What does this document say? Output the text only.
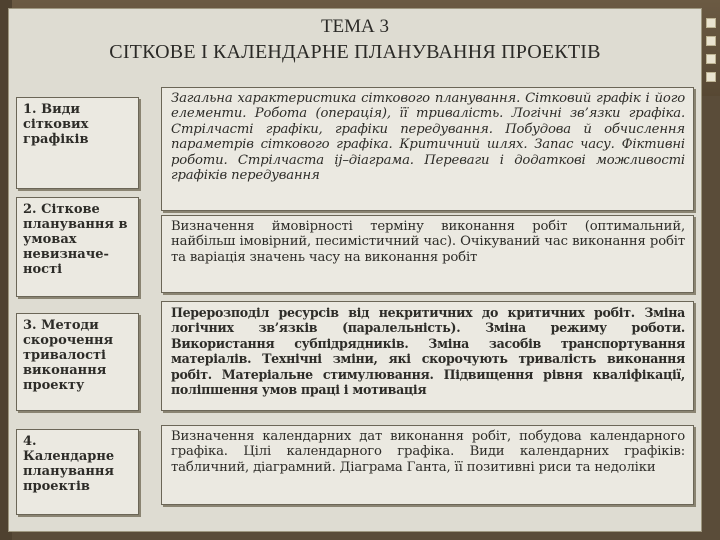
ТЕМА 3
СІТКОВЕ І КАЛЕНДАРНЕ ПЛАНУВАННЯ ПРОЕКТІВ
1. Види сіткових графіків
Загальна характеристика сіткового планування. Сітковий графік і його елементи. Робота (операція), її тривалість. Логічні зв’язки графіка. Стрілчасті графіки, графіки передування. Побудова й обчислення параметрів сіткового графіка. Критичний шлях. Запас часу. Фіктивні роботи. Стрілчаста ij–діаграма. Переваги і додаткові можливості графіків передування
2. Сіткове планування в умовах невизначе-ності
Визначення ймовірності терміну виконання робіт (оптимальний, найбільш імовірний, песимістичний час). Очікуваний час виконання робіт та варіація значень часу на виконання робіт
3. Методи скорочення тривалості виконання проекту
Перерозподіл ресурсів від некритичних до критичних робіт. Зміна логічних зв’язків (паралельність). Зміна режиму роботи. Використання субпідрядників. Зміна засобів транспортування матеріалів. Технічні зміни, які скорочують тривалість виконання робіт. Матеріальне стимулювання. Підвищення рівня кваліфікації, поліпшення умов праці і мотивація
4. Календарне планування проектів
Визначення календарних дат виконання робіт, побудова календарного графіка. Цілі календарного графіка. Види календарних графіків: табличний, діаграмний. Діаграма Ганта, її позитивні риси та недоліки
